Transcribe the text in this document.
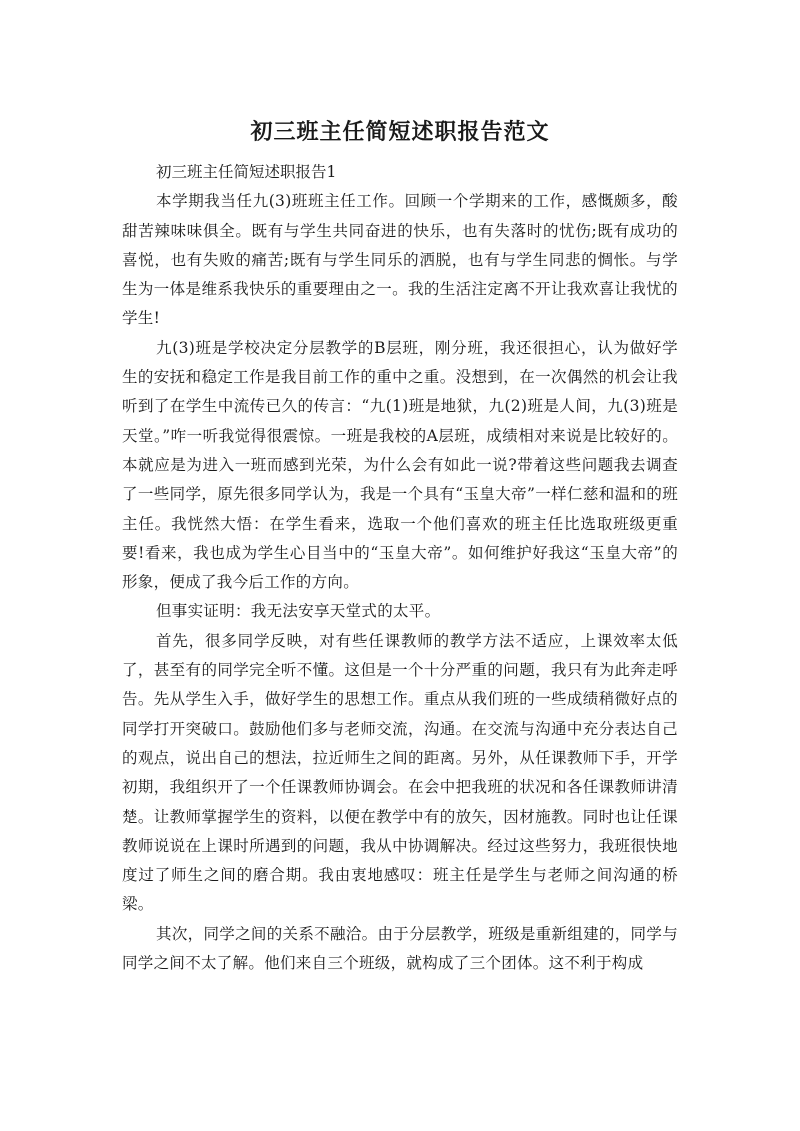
初三班主任简短述职报告范文

初三班主任简短述职报告1

本学期我当任九(3)班班主任工作。回顾一个学期来的工作，感慨颇多，酸甜苦辣味味俱全。既有与学生共同奋进的快乐，也有失落时的忧伤;既有成功的喜悦，也有失败的痛苦;既有与学生同乐的洒脱，也有与学生同悲的惆怅。与学生为一体是维系我快乐的重要理由之一。我的生活注定离不开让我欢喜让我忧的学生!

九(3)班是学校决定分层教学的B层班，刚分班，我还很担心，认为做好学生的安抚和稳定工作是我目前工作的重中之重。没想到，在一次偶然的机会让我听到了在学生中流传已久的传言：“九(1)班是地狱，九(2)班是人间，九(3)班是天堂。”咋一听我觉得很震惊。一班是我校的A层班，成绩相对来说是比较好的。本就应是为进入一班而感到光荣，为什么会有如此一说?带着这些问题我去调查了一些同学，原先很多同学认为，我是一个具有“玉皇大帝”一样仁慈和温和的班主任。我恍然大悟：在学生看来，选取一个他们喜欢的班主任比选取班级更重要!看来，我也成为学生心目当中的“玉皇大帝”。如何维护好我这“玉皇大帝”的形象，便成了我今后工作的方向。

但事实证明：我无法安享天堂式的太平。

首先，很多同学反映，对有些任课教师的教学方法不适应，上课效率太低了，甚至有的同学完全听不懂。这但是一个十分严重的问题，我只有为此奔走呼告。先从学生入手，做好学生的思想工作。重点从我们班的一些成绩稍微好点的同学打开突破口。鼓励他们多与老师交流，沟通。在交流与沟通中充分表达自己的观点，说出自己的想法，拉近师生之间的距离。另外，从任课教师下手，开学初期，我组织开了一个任课教师协调会。在会中把我班的状况和各任课教师讲清楚。让教师掌握学生的资料，以便在教学中有的放矢，因材施教。同时也让任课教师说说在上课时所遇到的问题，我从中协调解决。经过这些努力，我班很快地度过了师生之间的磨合期。我由衷地感叹：班主任是学生与老师之间沟通的桥梁。

其次，同学之间的关系不融洽。由于分层教学，班级是重新组建的，同学与同学之间不太了解。他们来自三个班级，就构成了三个团体。这不利于构成
